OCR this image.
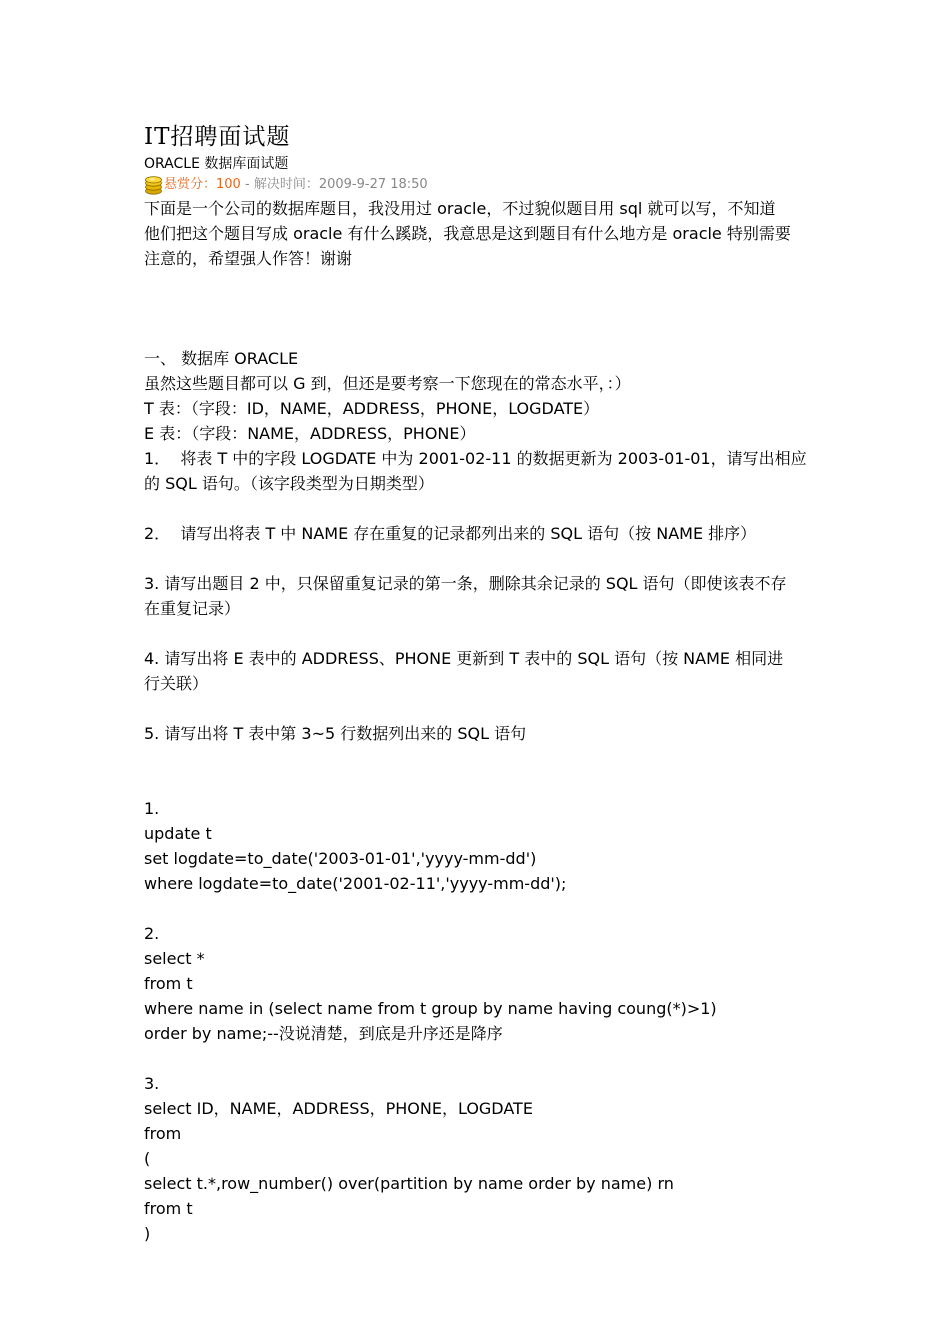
IT招聘面试题
ORACLE 数据库面试题
悬赏分： 100 - 解决时间： 2009-9-27 18:50

下面是一个公司的数据库题目，我没用过 oracle，不过貌似题目用 sql 就可以写，不知道

他们把这个题目写成 oracle 有什么蹊跷，我意思是这到题目有什么地方是 oracle 特别需要

注意的，希望强人作答！谢谢

一、 数据库 ORACLE

虽然这些题目都可以 G 到，但还是要考察一下您现在的常态水平，：）

T 表：（字段：ID，NAME，ADDRESS，PHONE，LOGDATE）

E 表：（字段：NAME，ADDRESS，PHONE）

1．  将表 T 中的字段 LOGDATE 中为 2001-02-11 的数据更新为 2003-01-01，请写出相应

的 SQL 语句。（该字段类型为日期类型）

2．  请写出将表 T 中 NAME 存在重复的记录都列出来的 SQL 语句（按 NAME 排序）

3. 请写出题目 2 中，只保留重复记录的第一条，删除其余记录的 SQL 语句（即使该表不存

在重复记录）

4. 请写出将 E 表中的 ADDRESS、PHONE 更新到 T 表中的 SQL 语句（按 NAME 相同进

行关联）

5. 请写出将 T 表中第 3~5 行数据列出来的 SQL 语句

1.

update t

set logdate=to_date('2003-01-01','yyyy-mm-dd')

where logdate=to_date('2001-02-11','yyyy-mm-dd');

2.

select *

from t

where name in (select name from t group by name having coung(*)>1)

order by name;--没说清楚，到底是升序还是降序

3.

select ID，NAME，ADDRESS，PHONE，LOGDATE

from

(

select t.*,row_number() over(partition by name order by name) rn

from t

)
